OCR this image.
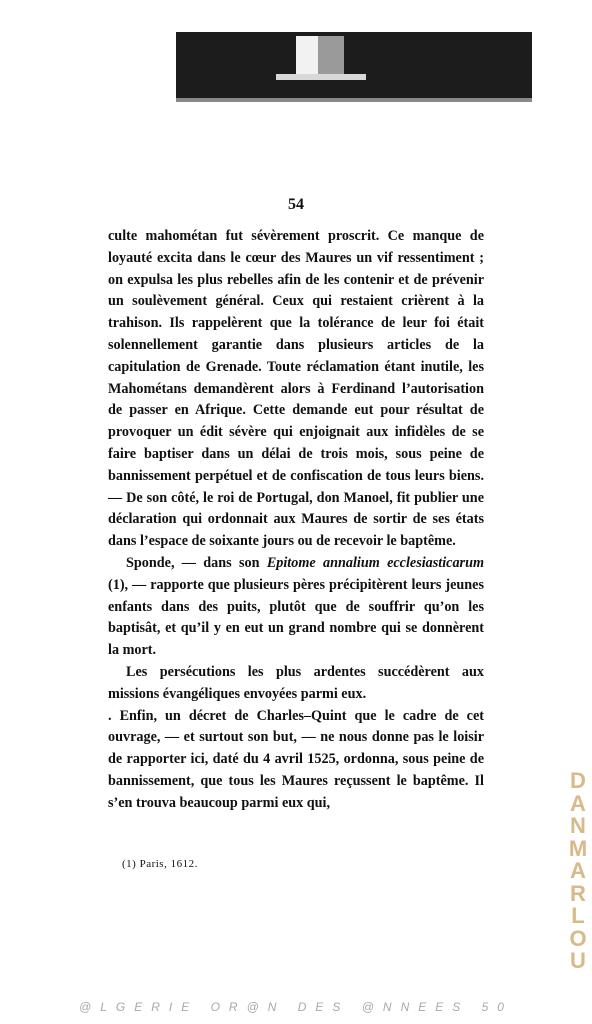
54

culte mahométan fut sévèrement proscrit. Ce manque de loyauté excita dans le cœur des Maures un vif ressentiment ; on expulsa les plus rebelles afin de les contenir et de prévenir un soulèvement général. Ceux qui restaient crièrent à la trahison. Ils rappelèrent que la tolérance de leur foi était solennellement garantie dans plusieurs articles de la capitulation de Grenade. Toute réclamation étant inutile, les Mahométans demandèrent alors à Ferdinand l’autorisation de passer en Afrique. Cette demande eut pour résultat de provoquer un édit sévère qui enjoignait aux infidèles de se faire baptiser dans un délai de trois mois, sous peine de bannissement perpétuel et de confiscation de tous leurs biens. — De son côté, le roi de Portugal, don Manoel, fit publier une déclaration qui ordonnait aux Maures de sortir de ses états dans l’espace de soixante jours ou de recevoir le baptême.

Sponde, — dans son Epitome annalium ecclesiasticarum (1), — rapporte que plusieurs pères précipitèrent leurs jeunes enfants dans des puits, plutôt que de souffrir qu’on les baptisât, et qu’il y en eut un grand nombre qui se donnèrent la mort.

Les persécutions les plus ardentes succédèrent aux missions évangéliques envoyées parmi eux.

. Enfin, un décret de Charles–Quint que le cadre de cet ouvrage, — et surtout son but, — ne nous donne pas le loisir de rapporter ici, daté du 4 avril 1525, ordonna, sous peine de bannissement, que tous les Maures reçussent le baptême. Il s’en trouva beaucoup parmi eux qui,

(1) Paris, 1612.
DANMARLOU
@LGERIE OR@N DES @NNEES 50
